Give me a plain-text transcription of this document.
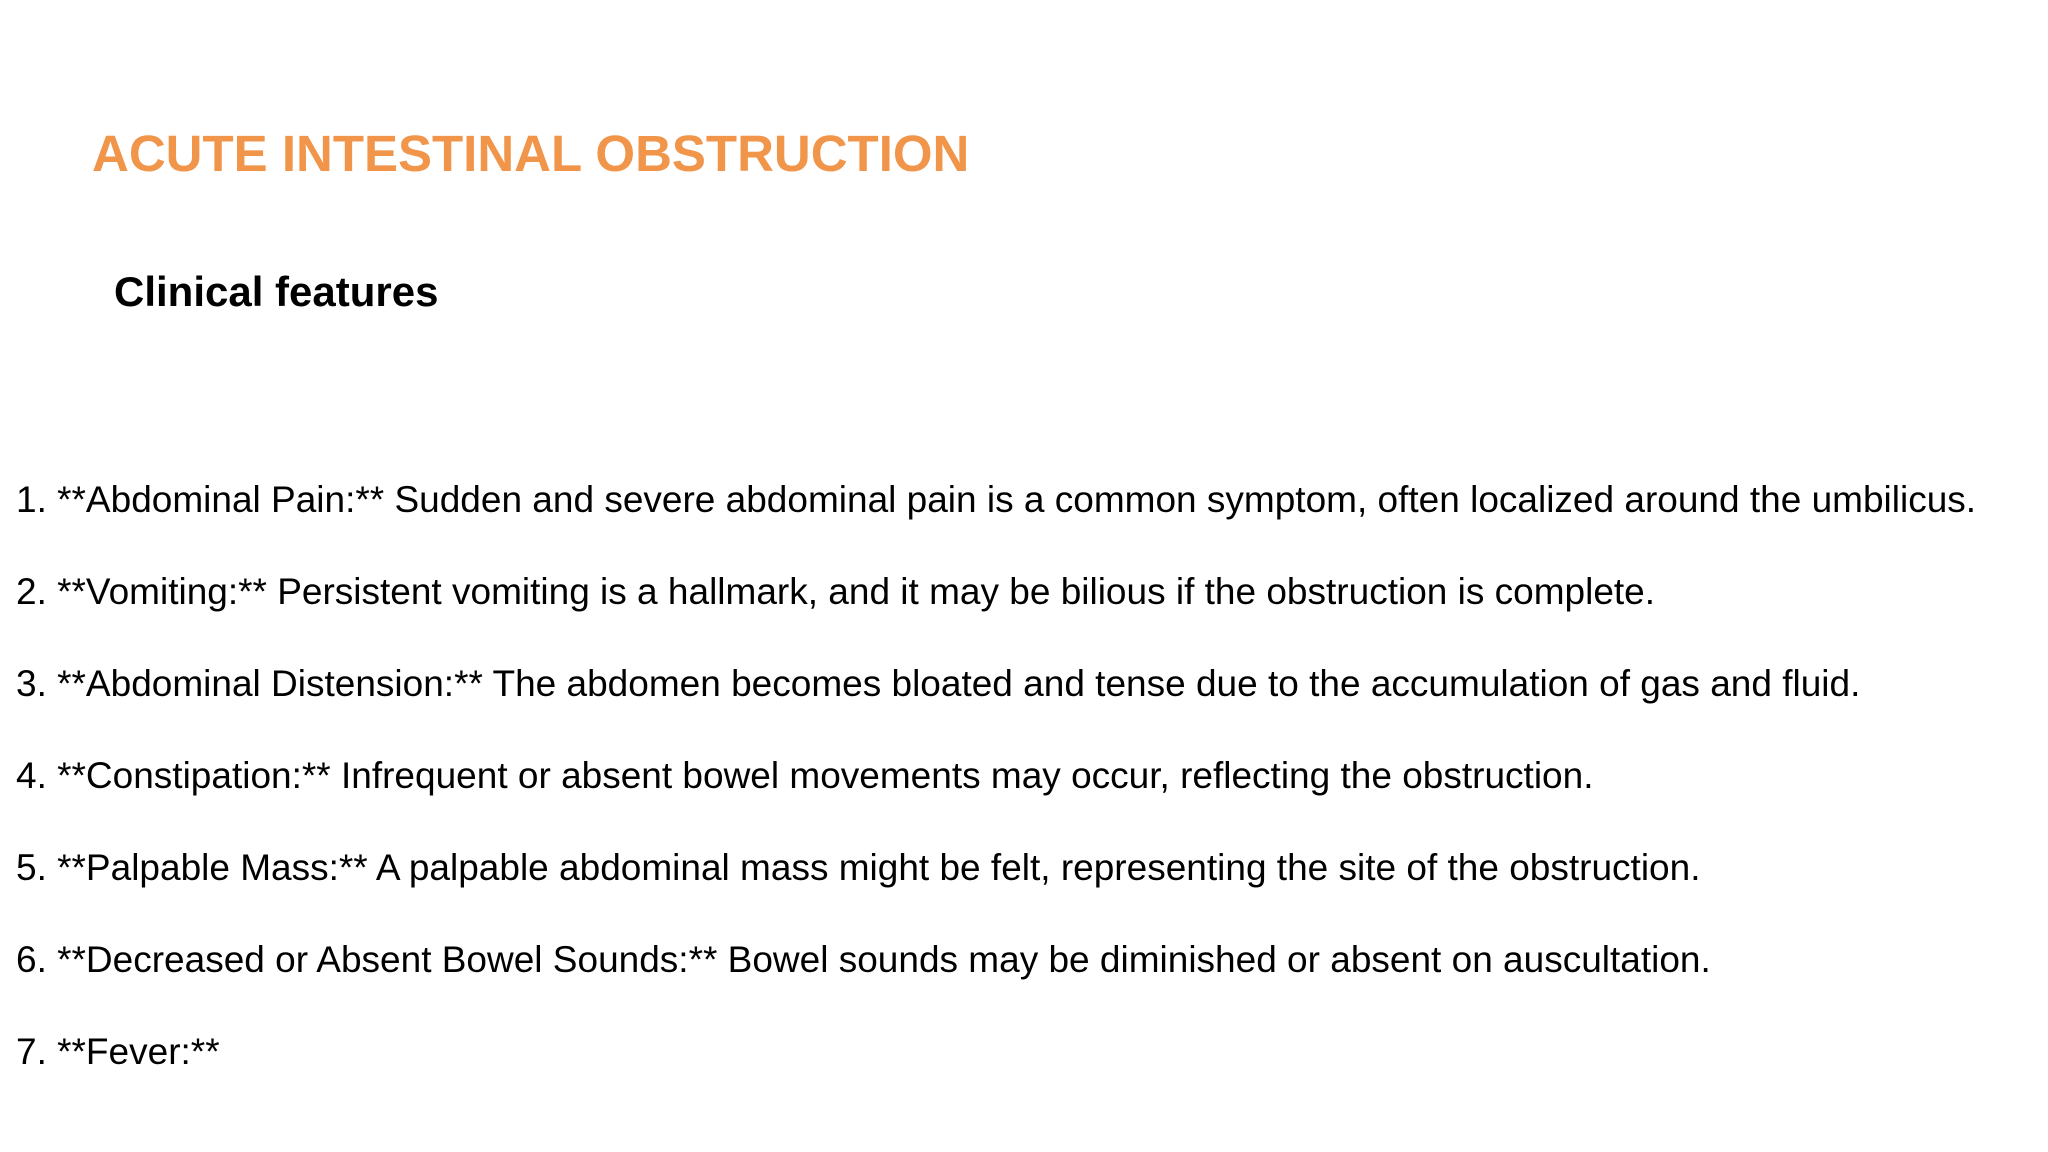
ACUTE INTESTINAL OBSTRUCTION
Clinical features
1. **Abdominal Pain:** Sudden and severe abdominal pain is a common symptom, often localized around the umbilicus.
2. **Vomiting:** Persistent vomiting is a hallmark, and it may be bilious if the obstruction is complete.
3. **Abdominal Distension:** The abdomen becomes bloated and tense due to the accumulation of gas and fluid.
4. **Constipation:** Infrequent or absent bowel movements may occur, reflecting the obstruction.
5. **Palpable Mass:** A palpable abdominal mass might be felt, representing the site of the obstruction.
6. **Decreased or Absent Bowel Sounds:** Bowel sounds may be diminished or absent on auscultation.
7. **Fever:**
